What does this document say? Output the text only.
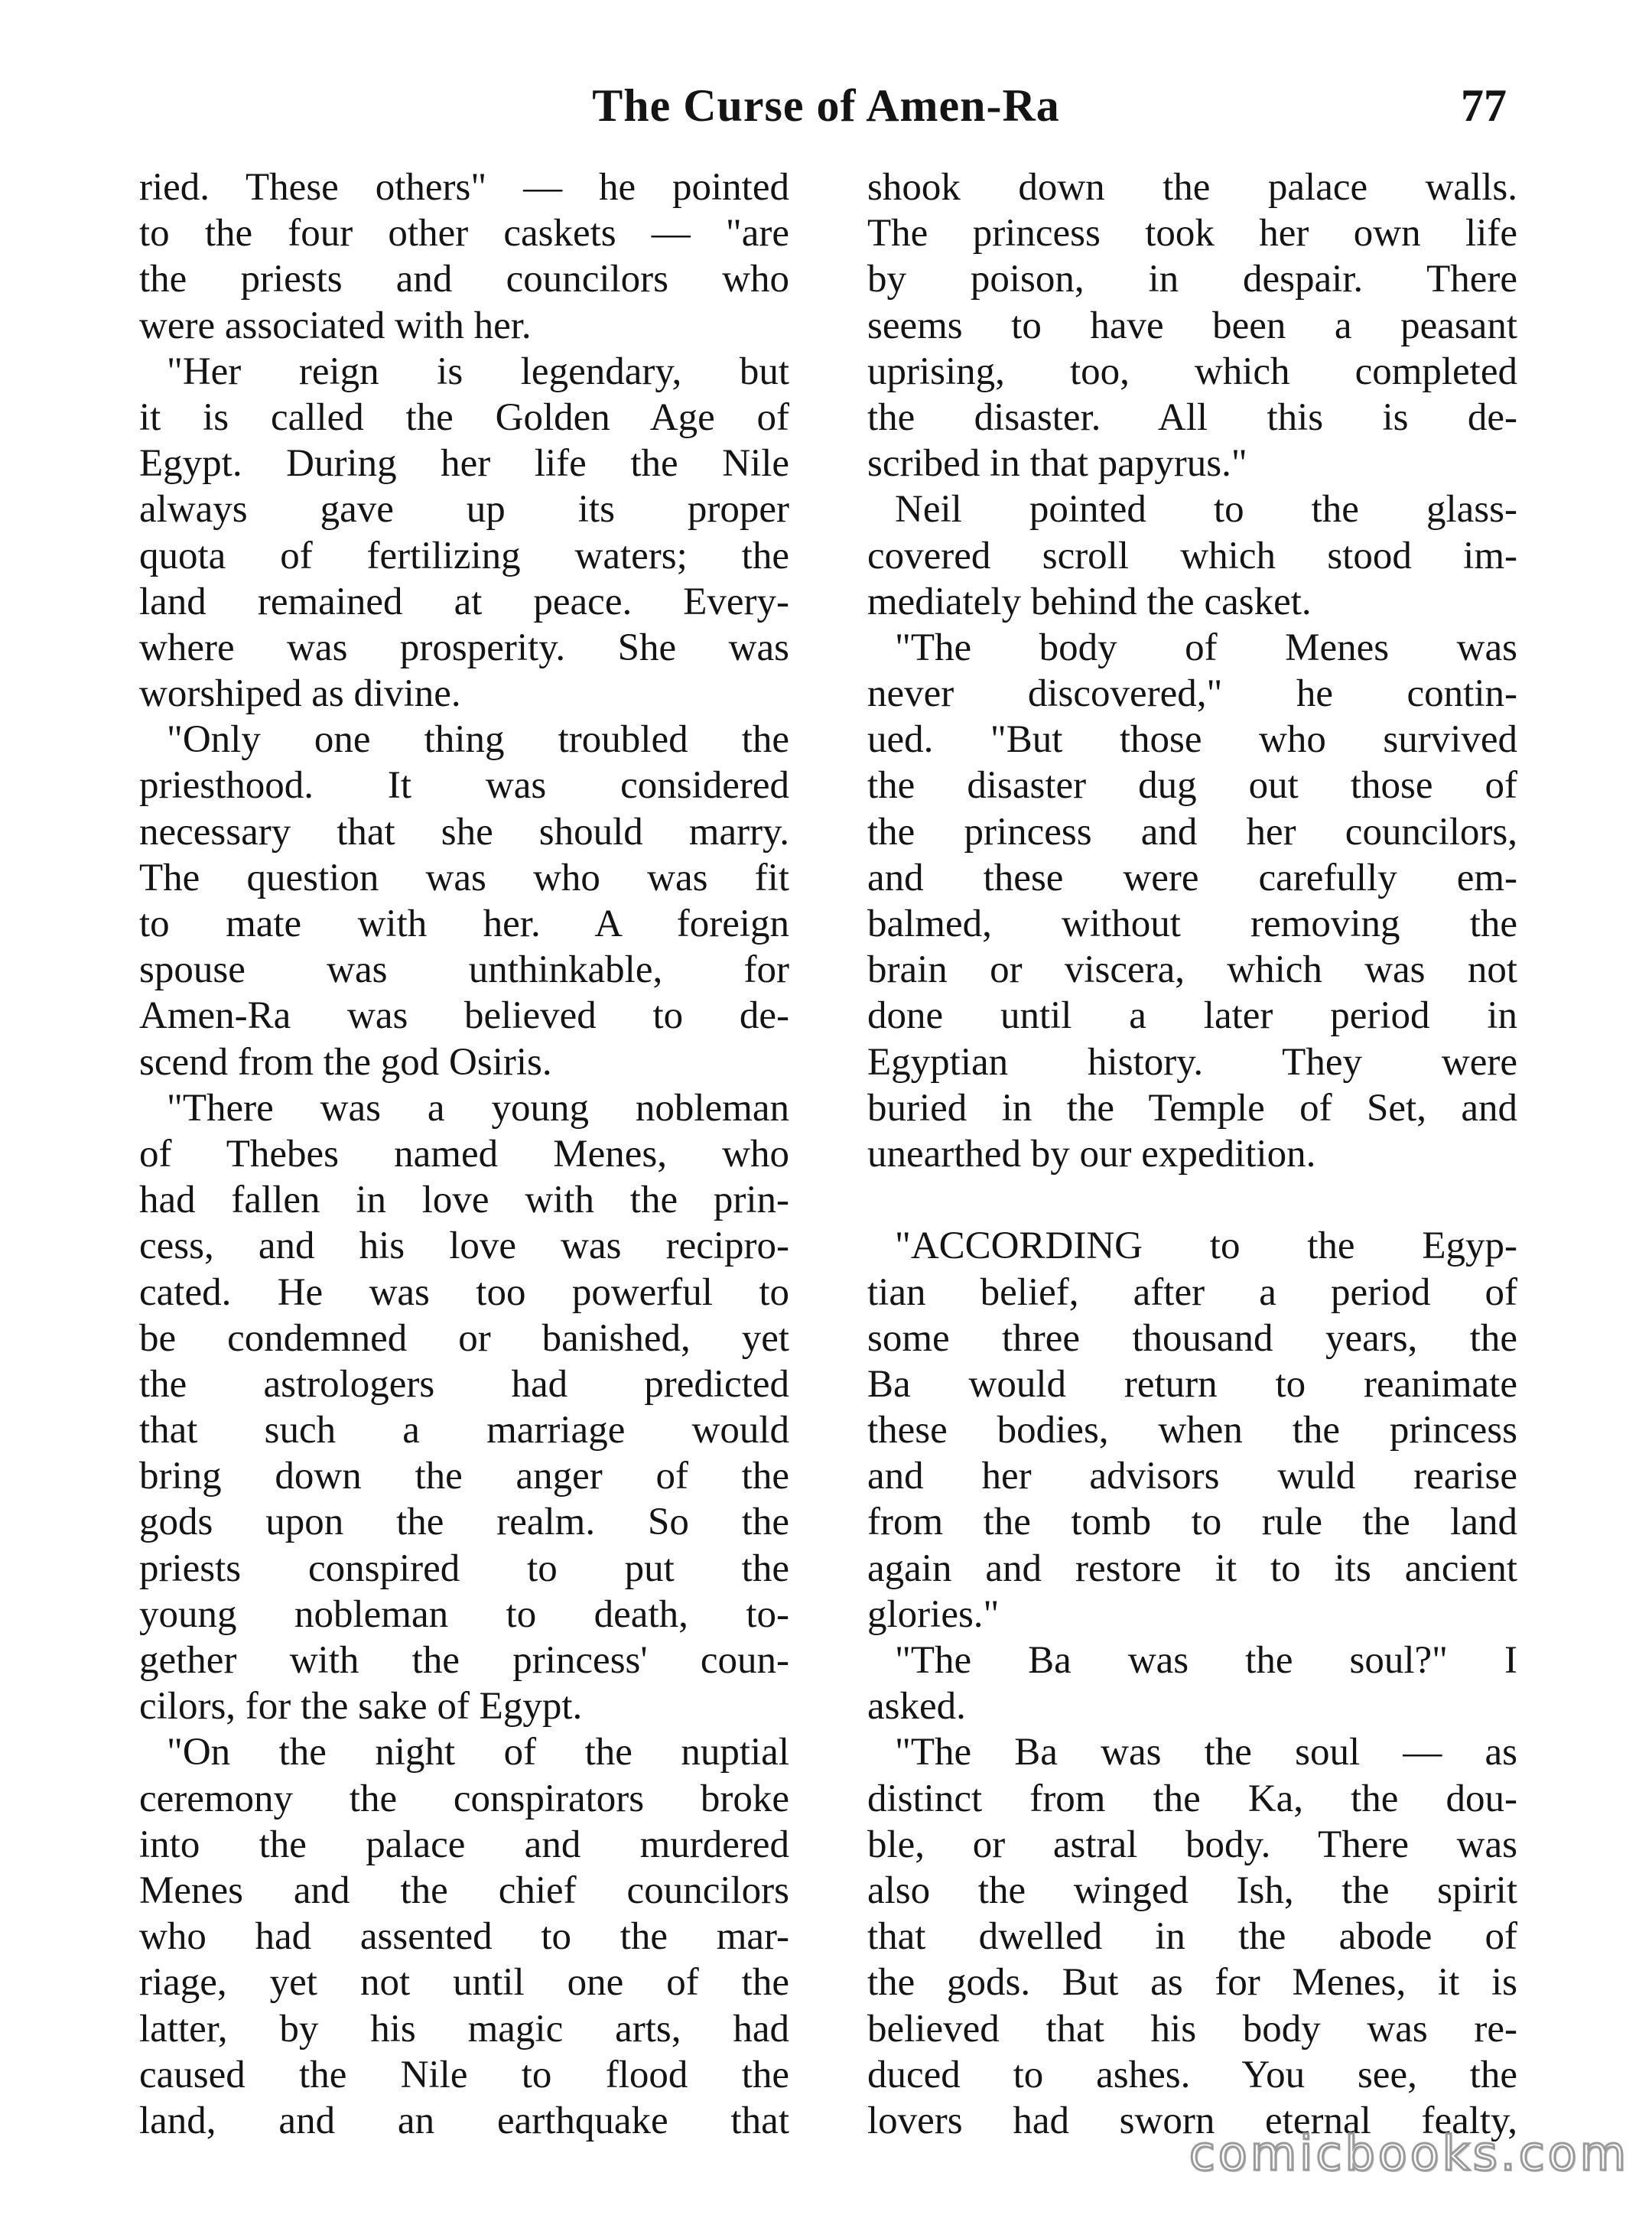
The Curse of Amen-Ra	77
ried. These others" — he pointed
to the four other caskets — "are
the priests and councilors who
were associated with her.
"Her reign is legendary, but
it is called the Golden Age of
Egypt. During her life the Nile
always gave up its proper
quota of fertilizing waters; the
land remained at peace. Every-
where was prosperity. She was
worshiped as divine.
"Only one thing troubled the
priesthood. It was considered
necessary that she should marry.
The question was who was fit
to mate with her. A foreign
spouse was unthinkable, for
Amen-Ra was believed to de-
scend from the god Osiris.
"There was a young nobleman
of Thebes named Menes, who
had fallen in love with the prin-
cess, and his love was recipro-
cated. He was too powerful to
be condemned or banished, yet
the astrologers had predicted
that such a marriage would
bring down the anger of the
gods upon the realm. So the
priests conspired to put the
young nobleman to death, to-
gether with the princess' coun-
cilors, for the sake of Egypt.
"On the night of the nuptial
ceremony the conspirators broke
into the palace and murdered
Menes and the chief councilors
who had assented to the mar-
riage, yet not until one of the
latter, by his magic arts, had
caused the Nile to flood the
land, and an earthquake that
shook down the palace walls.
The princess took her own life
by poison, in despair. There
seems to have been a peasant
uprising, too, which completed
the disaster. All this is de-
scribed in that papyrus."
Neil pointed to the glass-
covered scroll which stood im-
mediately behind the casket.
"The body of Menes was
never discovered," he contin-
ued. "But those who survived
the disaster dug out those of
the princess and her councilors,
and these were carefully em-
balmed, without removing the
brain or viscera, which was not
done until a later period in
Egyptian history. They were
buried in the Temple of Set, and
unearthed by our expedition.
"ACCORDING to the Egyp-
tian belief, after a period of
some three thousand years, the
Ba would return to reanimate
these bodies, when the princess
and her advisors wuld rearise
from the tomb to rule the land
again and restore it to its ancient
glories."
"The Ba was the soul?" I
asked.
"The Ba was the soul — as
distinct from the Ka, the dou-
ble, or astral body. There was
also the winged Ish, the spirit
that dwelled in the abode of
the gods. But as for Menes, it is
believed that his body was re-
duced to ashes. You see, the
lovers had sworn eternal fealty,
comicbooks.com
